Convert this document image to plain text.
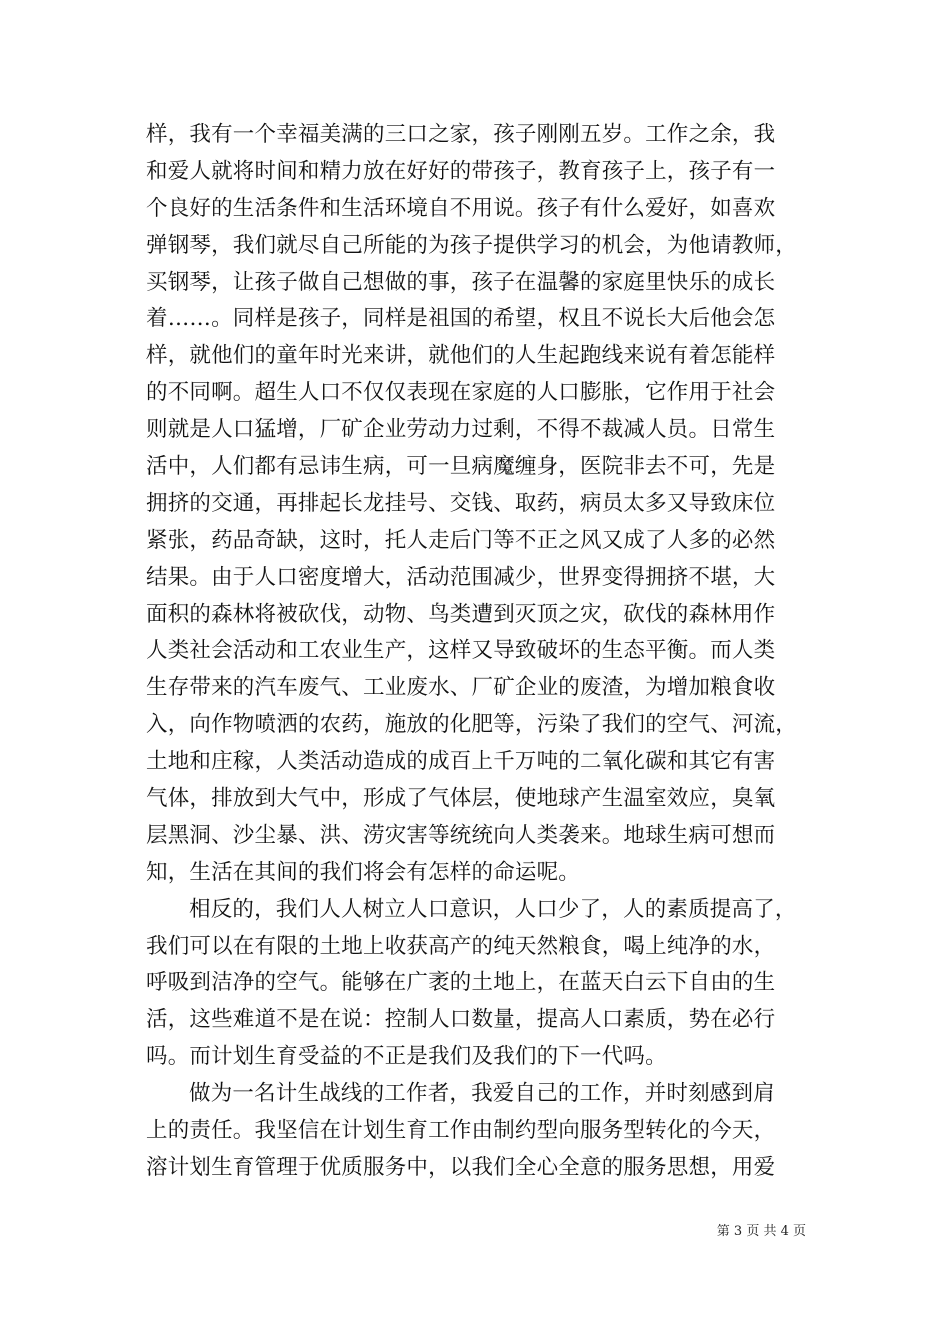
样，我有一个幸福美满的三口之家，孩子刚刚五岁。工作之余，我
和爱人就将时间和精力放在好好的带孩子，教育孩子上，孩子有一
个良好的生活条件和生活环境自不用说。孩子有什么爱好，如喜欢
弹钢琴，我们就尽自己所能的为孩子提供学习的机会，为他请教师，
买钢琴，让孩子做自己想做的事，孩子在温馨的家庭里快乐的成长
着……。同样是孩子，同样是祖国的希望，权且不说长大后他会怎
样，就他们的童年时光来讲，就他们的人生起跑线来说有着怎能样
的不同啊。超生人口不仅仅表现在家庭的人口膨胀，它作用于社会
则就是人口猛增，厂矿企业劳动力过剩，不得不裁减人员。日常生
活中，人们都有忌讳生病，可一旦病魔缠身，医院非去不可，先是
拥挤的交通，再排起长龙挂号、交钱、取药，病员太多又导致床位
紧张，药品奇缺，这时，托人走后门等不正之风又成了人多的必然
结果。由于人口密度增大，活动范围减少，世界变得拥挤不堪，大
面积的森林将被砍伐，动物、鸟类遭到灭顶之灾，砍伐的森林用作
人类社会活动和工农业生产，这样又导致破坏的生态平衡。而人类
生存带来的汽车废气、工业废水、厂矿企业的废渣，为增加粮食收
入，向作物喷洒的农药，施放的化肥等，污染了我们的空气、河流，
土地和庄稼，人类活动造成的成百上千万吨的二氧化碳和其它有害
气体，排放到大气中，形成了气体层，使地球产生温室效应，臭氧
层黑洞、沙尘暴、洪、涝灾害等统统向人类袭来。地球生病可想而
知，生活在其间的我们将会有怎样的命运呢。
相反的，我们人人树立人口意识，人口少了，人的素质提高了，
我们可以在有限的土地上收获高产的纯天然粮食，喝上纯净的水，
呼吸到洁净的空气。能够在广袤的土地上，在蓝天白云下自由的生
活，这些难道不是在说：控制人口数量，提高人口素质，势在必行
吗。而计划生育受益的不正是我们及我们的下一代吗。
做为一名计生战线的工作者，我爱自己的工作，并时刻感到肩
上的责任。我坚信在计划生育工作由制约型向服务型转化的今天，
溶计划生育管理于优质服务中，以我们全心全意的服务思想，用爱
第 3 页 共 4 页
